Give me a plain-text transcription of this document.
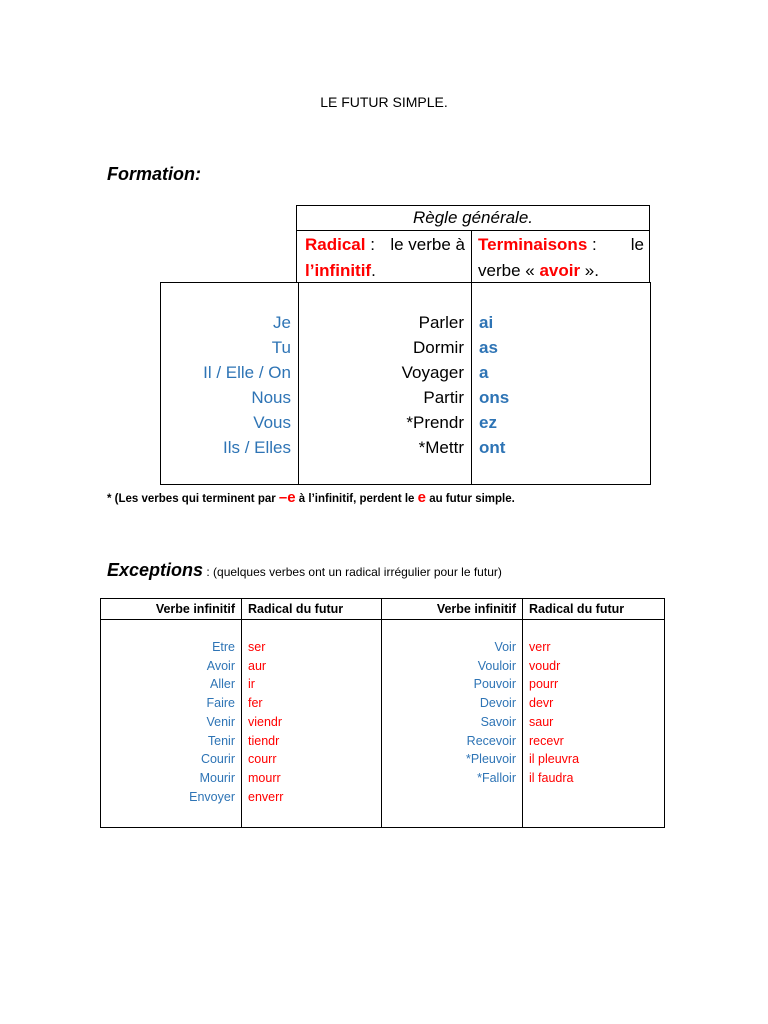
LE FUTUR SIMPLE.
Formation:
Règle générale.
Radical : le verbe à
l’infinitif.
Terminaisons : le
verbe « avoir ».
Je
Tu
Il / Elle / On
Nous
Vous
Ils / Elles
Parler
Dormir
Voyager
Partir
*Prendr
*Mettr
ai
as
a
ons
ez
ont
* (Les verbes qui terminent par –e à l’infinitif, perdent le e au futur simple.
Exceptions : (quelques verbes ont un radical irrégulier pour le futur)
Verbe infinitif Radical du futur	Verbe infinitif Radical du futur
Etre
Avoir
Aller
Faire
Venir
Tenir
Courir
Mourir
Envoyer
ser
aur
ir
fer
viendr
tiendr
courr
mourr
enverr
Voir
Vouloir
Pouvoir
Devoir
Savoir
Recevoir
*Pleuvoir
*Falloir
verr
voudr
pourr
devr
saur
recevr
il pleuvra
il faudra
